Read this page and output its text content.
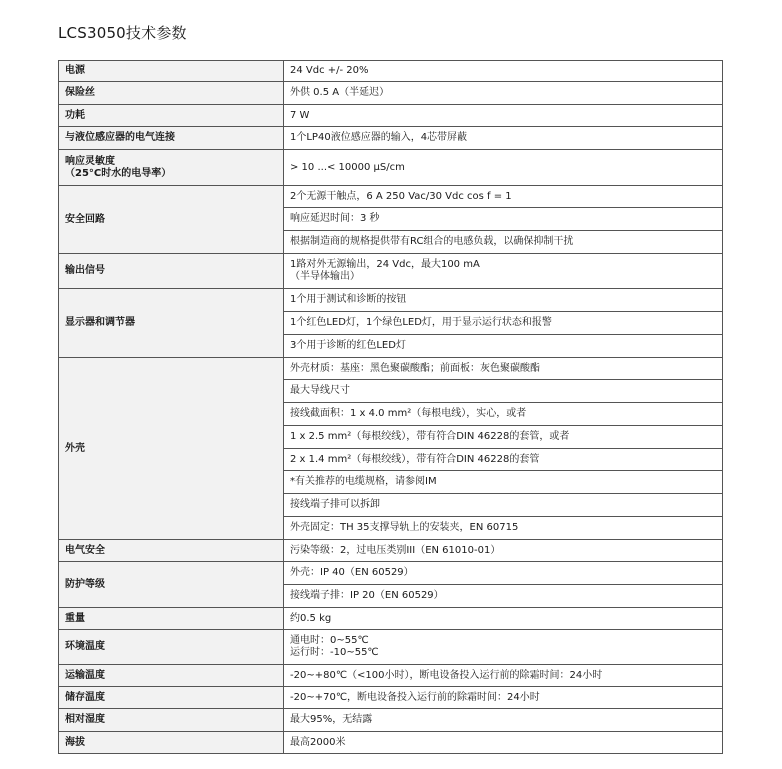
LCS3050技术参数
电源	24 Vdc +/- 20%
保险丝	外供 0.5 A（半延迟）
功耗	7 W
与液位感应器的电气连接	1个LP40液位感应器的输入，4芯带屏蔽

响应灵敏度
（25°C时水的电导率）	> 10 ...< 10000 µS/cm
安全回路	2个无源干触点，6 A 250 Vac/30 Vdc cos f = 1
	响应延迟时间：3 秒
	根据制造商的规格提供带有RC组合的电感负载，以确保抑制干扰
输出信号	1路对外无源输出，24 Vdc，最大100 mA
（半导体输出）

显示器和调节器	1个用于测试和诊断的按钮
	1个红色LED灯，1个绿色LED灯，用于显示运行状态和报警
	3个用于诊断的红色LED灯
外壳	外壳材质：基座：黑色聚碳酸酯；前面板：灰色聚碳酸酯
	最大导线尺寸
	接线截面积：1 x 4.0 mm²（每根电线），实心，或者
	1 x 2.5 mm²（每根绞线），带有符合DIN 46228的套管，或者
	2 x 1.4 mm²（每根绞线），带有符合DIN 46228的套管
	*有关推荐的电缆规格，请参阅IM
	接线端子排可以拆卸
	外壳固定：TH 35支撑导轨上的安装夹，EN 60715
电气安全	污染等级：2，过电压类别III（EN 61010-01）
防护等级	外壳：IP 40（EN 60529）
	接线端子排：IP 20（EN 60529）
重量	约0.5 kg
环境温度	通电时：0~55℃
运行时：-10~55℃

运输温度	-20~+80℃（<100小时），断电设备投入运行前的除霜时间：24小时
储存温度	-20~+70℃，断电设备投入运行前的除霜时间：24小时
相对湿度	最大95%，无结露
海拔	最高2000米
